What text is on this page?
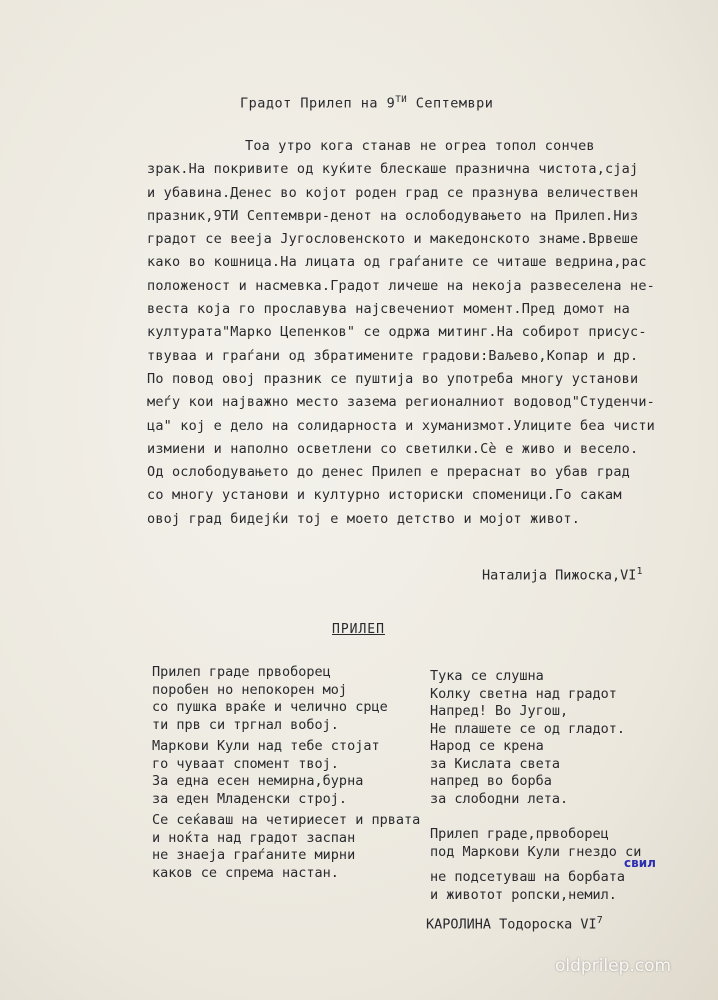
Градот Прилеп на $9^{ТИ}$ Септември
Тоа утро кога станав не огреа топол сончев
зрак.На покривите од куќите блескаше празнична чистота,сјај
и убавина.Денес во којот роден град се празнува величествен
празник,9ТИ Септември-денот на ослободувањето на Прилеп.Низ
градот се вееја Југословенското и македонското знаме.Врвеше
како во кошница.На лицата од граѓаните се читаше ведрина,рас
положеност и насмевка.Градот личеше на некоја развеселена не-
веста која го прославува најсвечениот момент.Пред домот на
културата"Марко Цепенков" се одржа митинг.На собирот присус-
твуваа и граѓани од збратимените градови:Ваљево,Копар и др.
По повод овој празник се пуштија во употреба многу установи
меѓу кои најважно место зазема регионалниот водовод"Студенчи-
ца" кој е дело на солидарноста и хуманизмот.Улиците беа чисти
измиени и наполно осветлени со светилки.Сѐ е живо и весело.
Од ослободувањето до денес Прилеп е прераснат во убав град
со многу установи и културно историски споменици.Го сакам
овој град бидејќи тој е моето детство и мојот живот.
Наталија $Пижоска,VI^1$
ПРИЛЕП
Прилеп граде првоборец
поробен но непокорен мој
со пушка враќе и челично срце
ти прв си тргнал вобој.
Маркови Кули над тебе стојат
го чуваат спомент твој.
За една есен немирна,бурна
за еден Младенски строј.
Се сеќаваш на четириесет и првата
и ноќта над градот заспан
не знаеја граѓаните мирни
каков се спрема настан.
Тука се слушна
Колку светна над градот
Напред! Во Југош,
Не плашете се од гладот.
Народ се крена
за Кислата света
напред во борба
за слободни лета.
Прилеп граде,првоборец
под Маркови Кули гнездо си
не подсетуваш на борбата
и животот ропски,немил.
свил
КАРОЛИНА Тодороска $VI^7$
oldprilep.com
